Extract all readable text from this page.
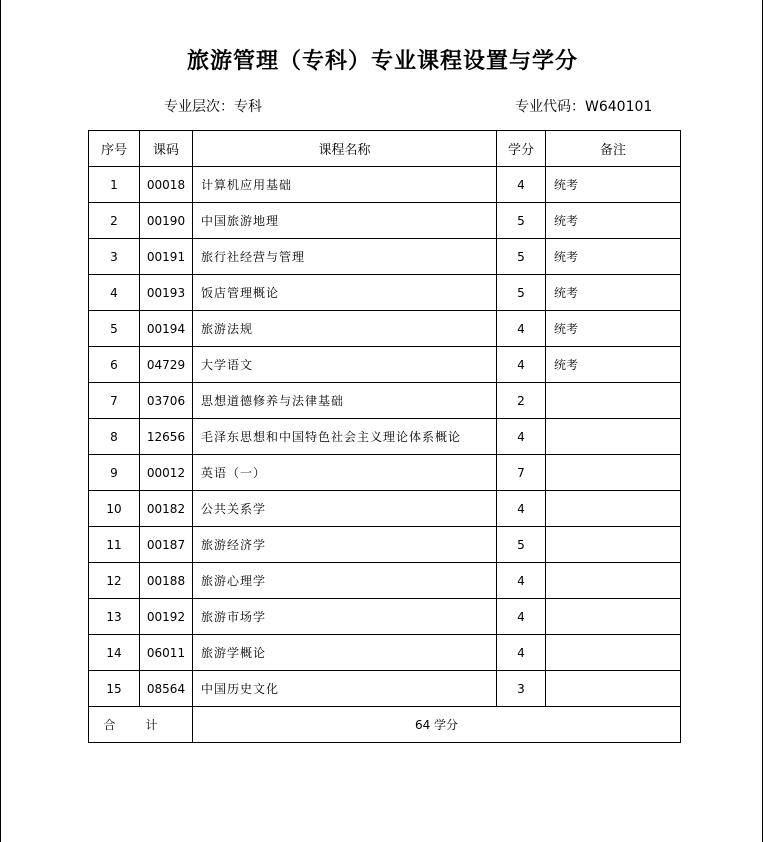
旅游管理（专科）专业课程设置与学分
专业层次：专科	专业代码：W640101
序号	课码	课程名称	学分	备注
1	00018	计算机应用基础	4	统考
2	00190	中国旅游地理	5	统考
3	00191	旅行社经营与管理	5	统考
4	00193	饭店管理概论	5	统考
5	00194	旅游法规	4	统考
6	04729	大学语文	4	统考
7	03706	思想道德修养与法律基础	2	
8	12656	毛泽东思想和中国特色社会主义理论体系概论	4	
9	00012	英语（一）	7	
10	00182	公共关系学	4	
11	00187	旅游经济学	5	
12	00188	旅游心理学	4	
13	00192	旅游市场学	4	
14	06011	旅游学概论	4	
15	08564	中国历史文化	3	
合计		64 学分		
